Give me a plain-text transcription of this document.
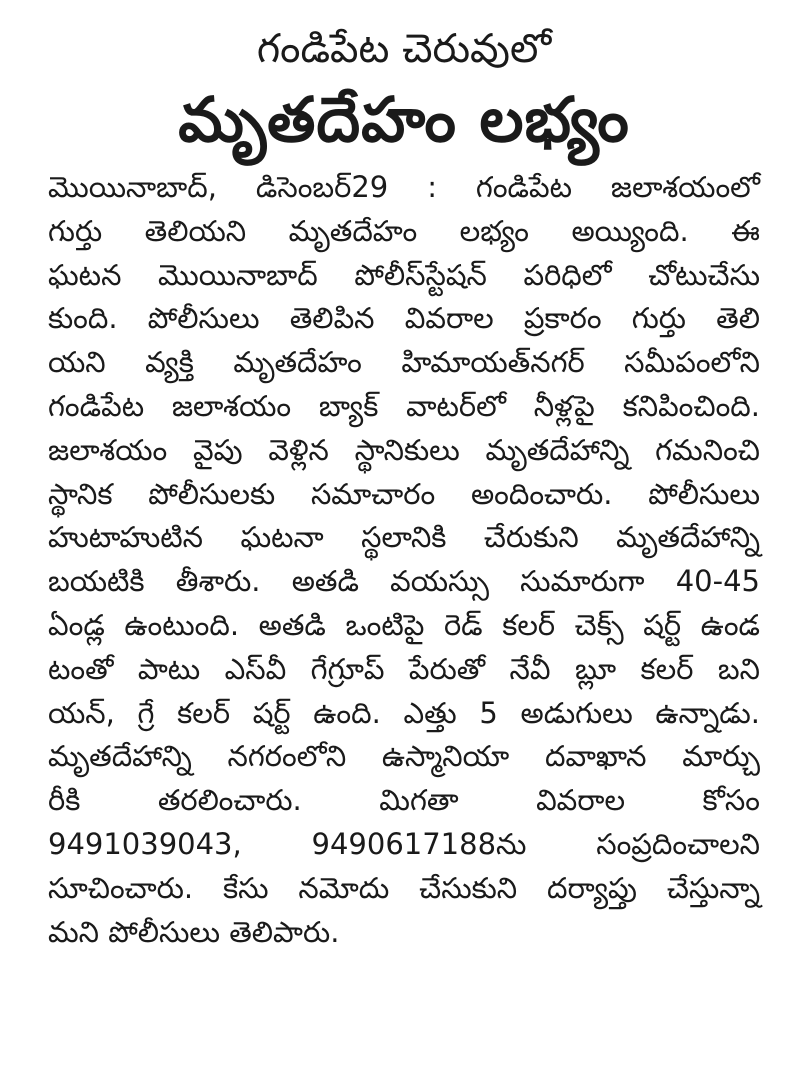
గండిపేట చెరువులో
మృతదేహం లభ్యం
మొయినాబాద్, డిసెంబర్29 : గండిపేట జలాశయంలో
గుర్తు తెలియని మృతదేహం లభ్యం అయ్యింది. ఈ
ఘటన మొయినాబాద్ పోలీస్‌స్టేషన్ పరిధిలో చోటుచేసు
కుంది. పోలీసులు తెలిపిన వివరాల ప్రకారం గుర్తు తెలి
యని వ్యక్తి మృతదేహం హిమాయత్‌నగర్ సమీపంలోని
గండిపేట జలాశయం బ్యాక్ వాటర్‌లో నీళ్లపై కనిపించింది.
జలాశయం వైపు వెళ్లిన స్థానికులు మృతదేహాన్ని గమనించి
స్థానిక పోలీసులకు సమాచారం అందించారు. పోలీసులు
హుటాహుటిన ఘటనా స్థలానికి చేరుకుని మృతదేహాన్ని
బయటికి తీశారు. అతడి వయస్సు సుమారుగా 40-45
ఏండ్ల ఉంటుంది. అతడి ఒంటిపై రెడ్ కలర్ చెక్స్ షర్ట్ ఉండ
టంతో పాటు ఎస్‌వీ గేగ్రూప్ పేరుతో నేవీ బ్లూ కలర్ బని
యన్, గ్రే కలర్ షర్ట్ ఉంది. ఎత్తు 5 అడుగులు ఉన్నాడు.
మృతదేహాన్ని నగరంలోని ఉస్మానియా దవాఖాన మార్చు
రీకి తరలించారు. మిగతా వివరాల కోసం
9491039043, 9490617188ను సంప్రదించాలని
సూచించారు. కేసు నమోదు చేసుకుని దర్యాప్తు చేస్తున్నా
మని పోలీసులు తెలిపారు.
